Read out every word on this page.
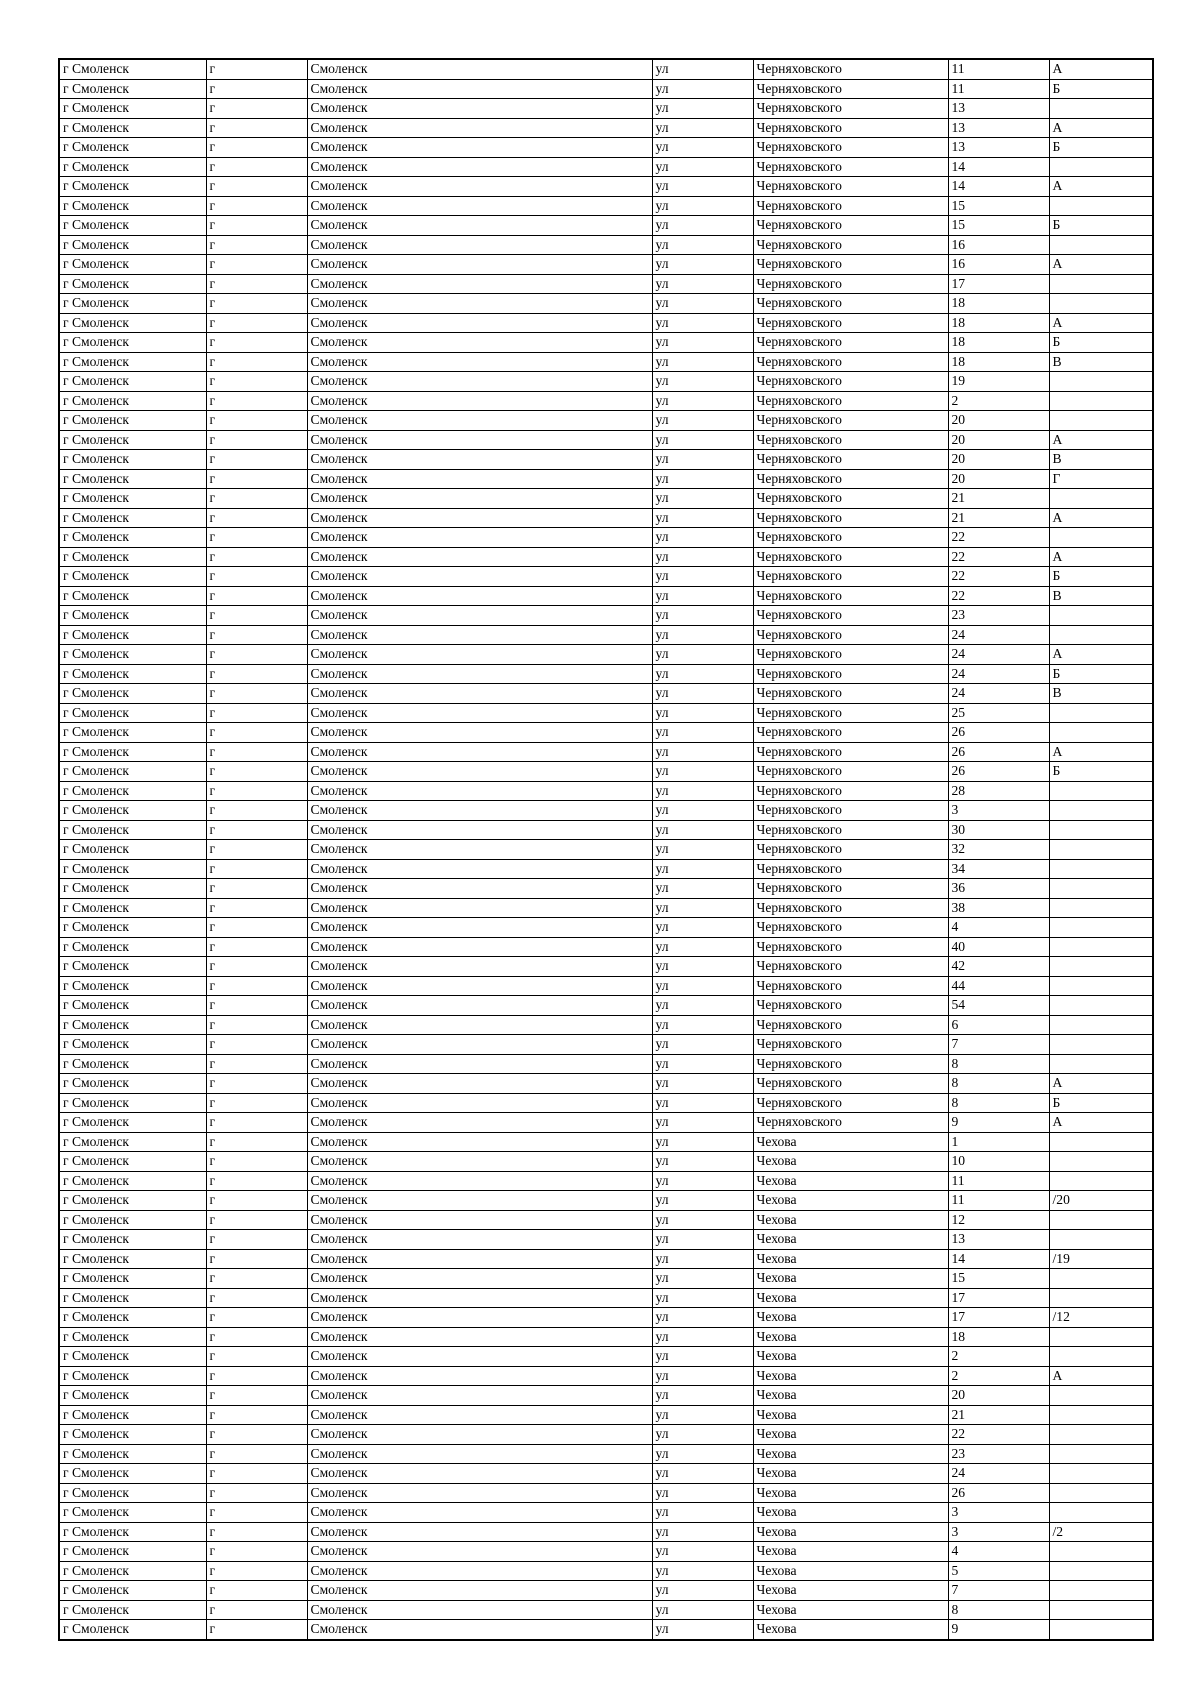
г Смоленск	г	Смоленск	ул	Черняховского	11	А
г Смоленск	г	Смоленск	ул	Черняховского	11	Б
г Смоленск	г	Смоленск	ул	Черняховского	13	
г Смоленск	г	Смоленск	ул	Черняховского	13	А
г Смоленск	г	Смоленск	ул	Черняховского	13	Б
г Смоленск	г	Смоленск	ул	Черняховского	14	
г Смоленск	г	Смоленск	ул	Черняховского	14	А
г Смоленск	г	Смоленск	ул	Черняховского	15	
г Смоленск	г	Смоленск	ул	Черняховского	15	Б
г Смоленск	г	Смоленск	ул	Черняховского	16	
г Смоленск	г	Смоленск	ул	Черняховского	16	А
г Смоленск	г	Смоленск	ул	Черняховского	17	
г Смоленск	г	Смоленск	ул	Черняховского	18	
г Смоленск	г	Смоленск	ул	Черняховского	18	А
г Смоленск	г	Смоленск	ул	Черняховского	18	Б
г Смоленск	г	Смоленск	ул	Черняховского	18	В
г Смоленск	г	Смоленск	ул	Черняховского	19	
г Смоленск	г	Смоленск	ул	Черняховского	2	
г Смоленск	г	Смоленск	ул	Черняховского	20	
г Смоленск	г	Смоленск	ул	Черняховского	20	А
г Смоленск	г	Смоленск	ул	Черняховского	20	В
г Смоленск	г	Смоленск	ул	Черняховского	20	Г
г Смоленск	г	Смоленск	ул	Черняховского	21	
г Смоленск	г	Смоленск	ул	Черняховского	21	А
г Смоленск	г	Смоленск	ул	Черняховского	22	
г Смоленск	г	Смоленск	ул	Черняховского	22	А
г Смоленск	г	Смоленск	ул	Черняховского	22	Б
г Смоленск	г	Смоленск	ул	Черняховского	22	В
г Смоленск	г	Смоленск	ул	Черняховского	23	
г Смоленск	г	Смоленск	ул	Черняховского	24	
г Смоленск	г	Смоленск	ул	Черняховского	24	А
г Смоленск	г	Смоленск	ул	Черняховского	24	Б
г Смоленск	г	Смоленск	ул	Черняховского	24	В
г Смоленск	г	Смоленск	ул	Черняховского	25	
г Смоленск	г	Смоленск	ул	Черняховского	26	
г Смоленск	г	Смоленск	ул	Черняховского	26	А
г Смоленск	г	Смоленск	ул	Черняховского	26	Б
г Смоленск	г	Смоленск	ул	Черняховского	28	
г Смоленск	г	Смоленск	ул	Черняховского	3	
г Смоленск	г	Смоленск	ул	Черняховского	30	
г Смоленск	г	Смоленск	ул	Черняховского	32	
г Смоленск	г	Смоленск	ул	Черняховского	34	
г Смоленск	г	Смоленск	ул	Черняховского	36	
г Смоленск	г	Смоленск	ул	Черняховского	38	
г Смоленск	г	Смоленск	ул	Черняховского	4	
г Смоленск	г	Смоленск	ул	Черняховского	40	
г Смоленск	г	Смоленск	ул	Черняховского	42	
г Смоленск	г	Смоленск	ул	Черняховского	44	
г Смоленск	г	Смоленск	ул	Черняховского	54	
г Смоленск	г	Смоленск	ул	Черняховского	6	
г Смоленск	г	Смоленск	ул	Черняховского	7	
г Смоленск	г	Смоленск	ул	Черняховского	8	
г Смоленск	г	Смоленск	ул	Черняховского	8	А
г Смоленск	г	Смоленск	ул	Черняховского	8	Б
г Смоленск	г	Смоленск	ул	Черняховского	9	А
г Смоленск	г	Смоленск	ул	Чехова	1	
г Смоленск	г	Смоленск	ул	Чехова	10	
г Смоленск	г	Смоленск	ул	Чехова	11	
г Смоленск	г	Смоленск	ул	Чехова	11	/20
г Смоленск	г	Смоленск	ул	Чехова	12	
г Смоленск	г	Смоленск	ул	Чехова	13	
г Смоленск	г	Смоленск	ул	Чехова	14	/19
г Смоленск	г	Смоленск	ул	Чехова	15	
г Смоленск	г	Смоленск	ул	Чехова	17	
г Смоленск	г	Смоленск	ул	Чехова	17	/12
г Смоленск	г	Смоленск	ул	Чехова	18	
г Смоленск	г	Смоленск	ул	Чехова	2	
г Смоленск	г	Смоленск	ул	Чехова	2	А
г Смоленск	г	Смоленск	ул	Чехова	20	
г Смоленск	г	Смоленск	ул	Чехова	21	
г Смоленск	г	Смоленск	ул	Чехова	22	
г Смоленск	г	Смоленск	ул	Чехова	23	
г Смоленск	г	Смоленск	ул	Чехова	24	
г Смоленск	г	Смоленск	ул	Чехова	26	
г Смоленск	г	Смоленск	ул	Чехова	3	
г Смоленск	г	Смоленск	ул	Чехова	3	/2
г Смоленск	г	Смоленск	ул	Чехова	4	
г Смоленск	г	Смоленск	ул	Чехова	5	
г Смоленск	г	Смоленск	ул	Чехова	7	
г Смоленск	г	Смоленск	ул	Чехова	8	
г Смоленск	г	Смоленск	ул	Чехова	9	
